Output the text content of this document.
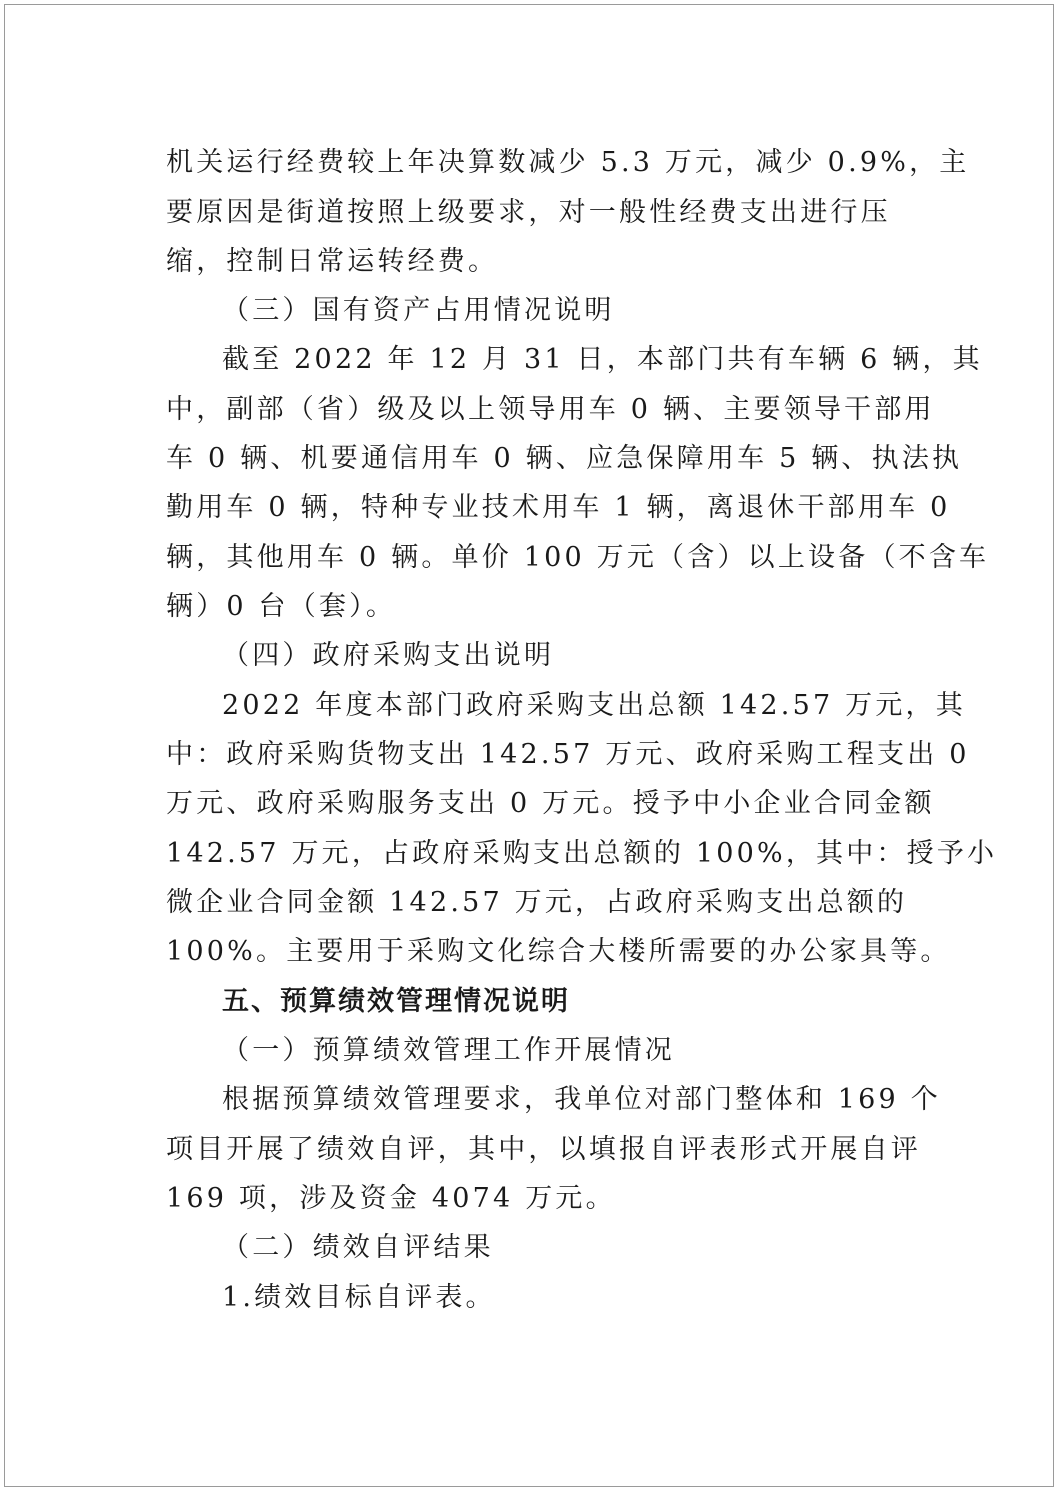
机关运行经费较上年决算数减少 5.3 万元，减少 0.9%，主
要原因是街道按照上级要求，对一般性经费支出进行压
缩，控制日常运转经费。
（三）国有资产占用情况说明
截至 2022 年 12 月 31 日，本部门共有车辆 6 辆，其
中，副部（省）级及以上领导用车 0 辆、主要领导干部用
车 0 辆、机要通信用车 0 辆、应急保障用车 5 辆、执法执
勤用车 0 辆，特种专业技术用车 1 辆，离退休干部用车 0
辆，其他用车 0 辆。单价 100 万元（含）以上设备（不含车
辆）0 台（套）。
（四）政府采购支出说明
2022 年度本部门政府采购支出总额 142.57 万元，其
中：政府采购货物支出 142.57 万元、政府采购工程支出 0
万元、政府采购服务支出 0 万元。授予中小企业合同金额
142.57 万元，占政府采购支出总额的 100%，其中：授予小
微企业合同金额 142.57 万元，占政府采购支出总额的
100%。主要用于采购文化综合大楼所需要的办公家具等。
五、预算绩效管理情况说明
（一）预算绩效管理工作开展情况
根据预算绩效管理要求，我单位对部门整体和 169 个
项目开展了绩效自评，其中，以填报自评表形式开展自评
169 项，涉及资金 4074 万元。
（二）绩效自评结果
1.绩效目标自评表。
